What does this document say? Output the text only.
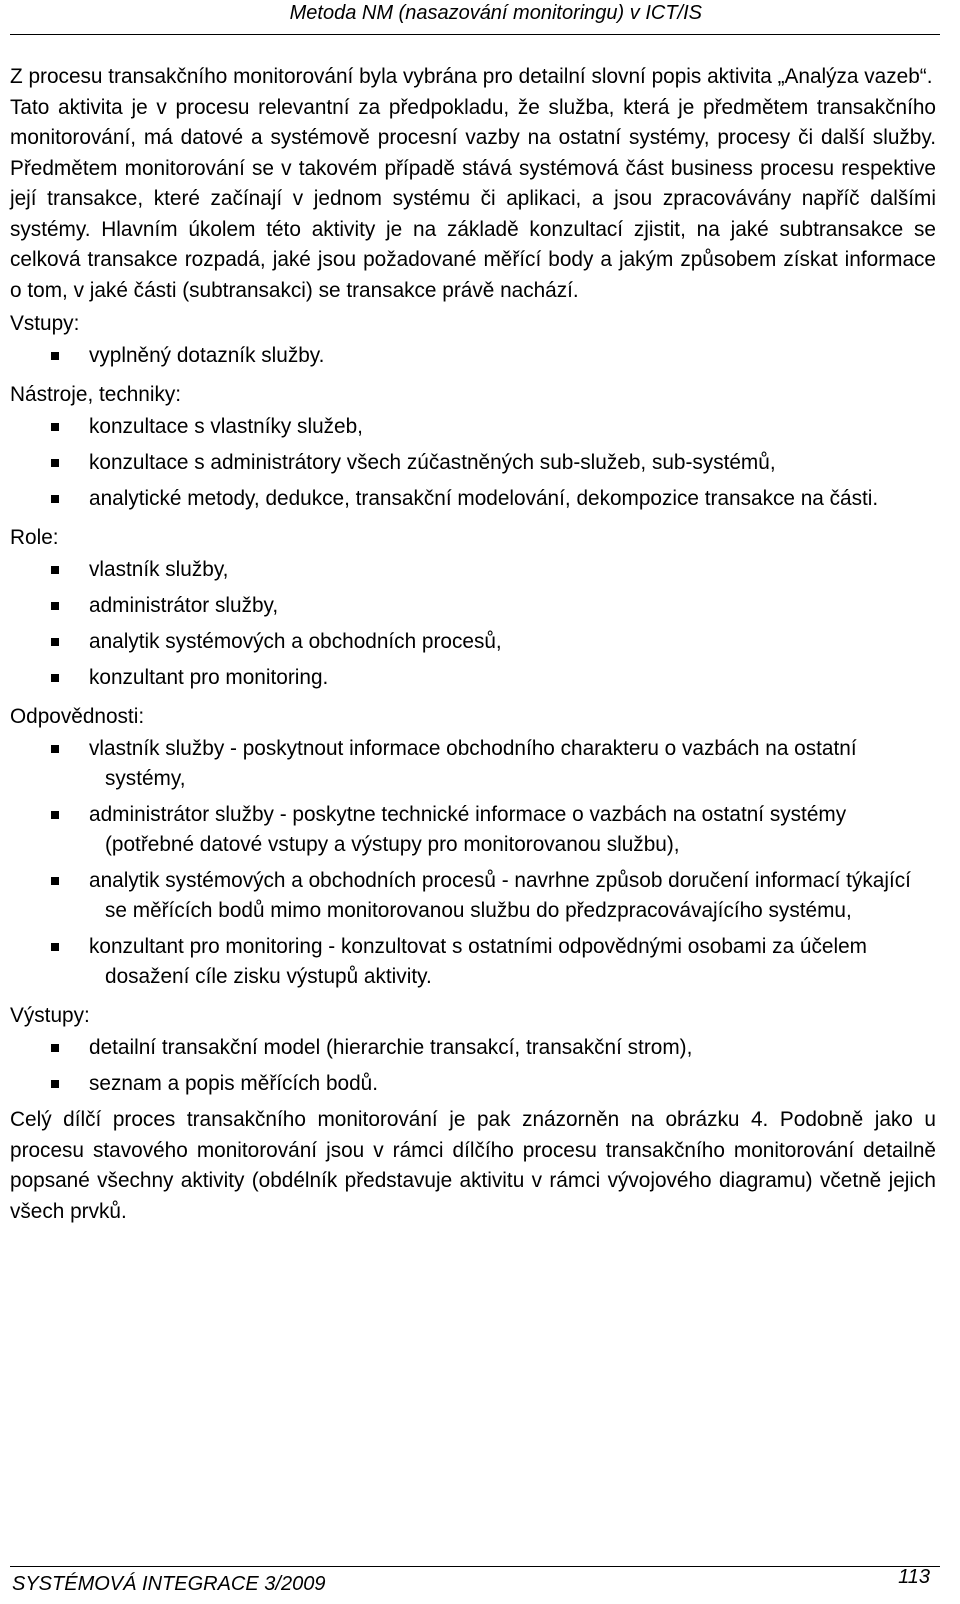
Metoda NM (nasazování monitoringu) v ICT/IS

Z procesu transakčního monitorování byla vybrána pro detailní slovní popis aktivita „Analýza vazeb“.

Tato aktivita je v procesu relevantní za předpokladu, že služba, která je předmětem transakčního monitorování, má datové a systémově procesní vazby na ostatní systémy, procesy či další služby. Předmětem monitorování se v takovém případě stává systémová část business procesu respektive její transakce, které začínají v jednom systému či aplikaci, a jsou zpracovávány napříč dalšími systémy. Hlavním úkolem této aktivity je na základě konzultací zjistit, na jaké subtransakce se celková transakce rozpadá, jaké jsou požadované měřící body a jakým způsobem získat informace o tom, v jaké části (subtransakci) se transakce právě nachází.

Vstupy:

vyplněný dotazník služby.

Nástroje, techniky:

konzultace s vlastníky služeb,
konzultace s administrátory všech zúčastněných sub-služeb, sub-systémů,
analytické metody, dedukce, transakční modelování, dekompozice transakce na části.

Role:

vlastník služby,
administrátor služby,
analytik systémových a obchodních procesů,
konzultant pro monitoring.

Odpovědnosti:

vlastník služby - poskytnout informace obchodního charakteru o vazbách na ostatní systémy,
administrátor služby - poskytne technické informace o vazbách na ostatní systémy (potřebné datové vstupy a výstupy pro monitorovanou službu),
analytik systémových a obchodních procesů - navrhne způsob doručení informací týkající se měřících bodů mimo monitorovanou službu do předzpracovávajícího systému,
konzultant pro monitoring - konzultovat s ostatními odpovědnými osobami za účelem dosažení cíle zisku výstupů aktivity.

Výstupy:

detailní transakční model (hierarchie transakcí, transakční strom),
seznam a popis měřících bodů.

Celý dílčí proces transakčního monitorování je pak znázorněn na obrázku 4. Podobně jako u procesu stavového monitorování jsou v rámci dílčího procesu transakčního monitorování detailně popsané všechny aktivity (obdélník představuje aktivitu v rámci vývojového diagramu) včetně jejich všech prvků.

SYSTÉMOVÁ INTEGRACE 3/2009	113
